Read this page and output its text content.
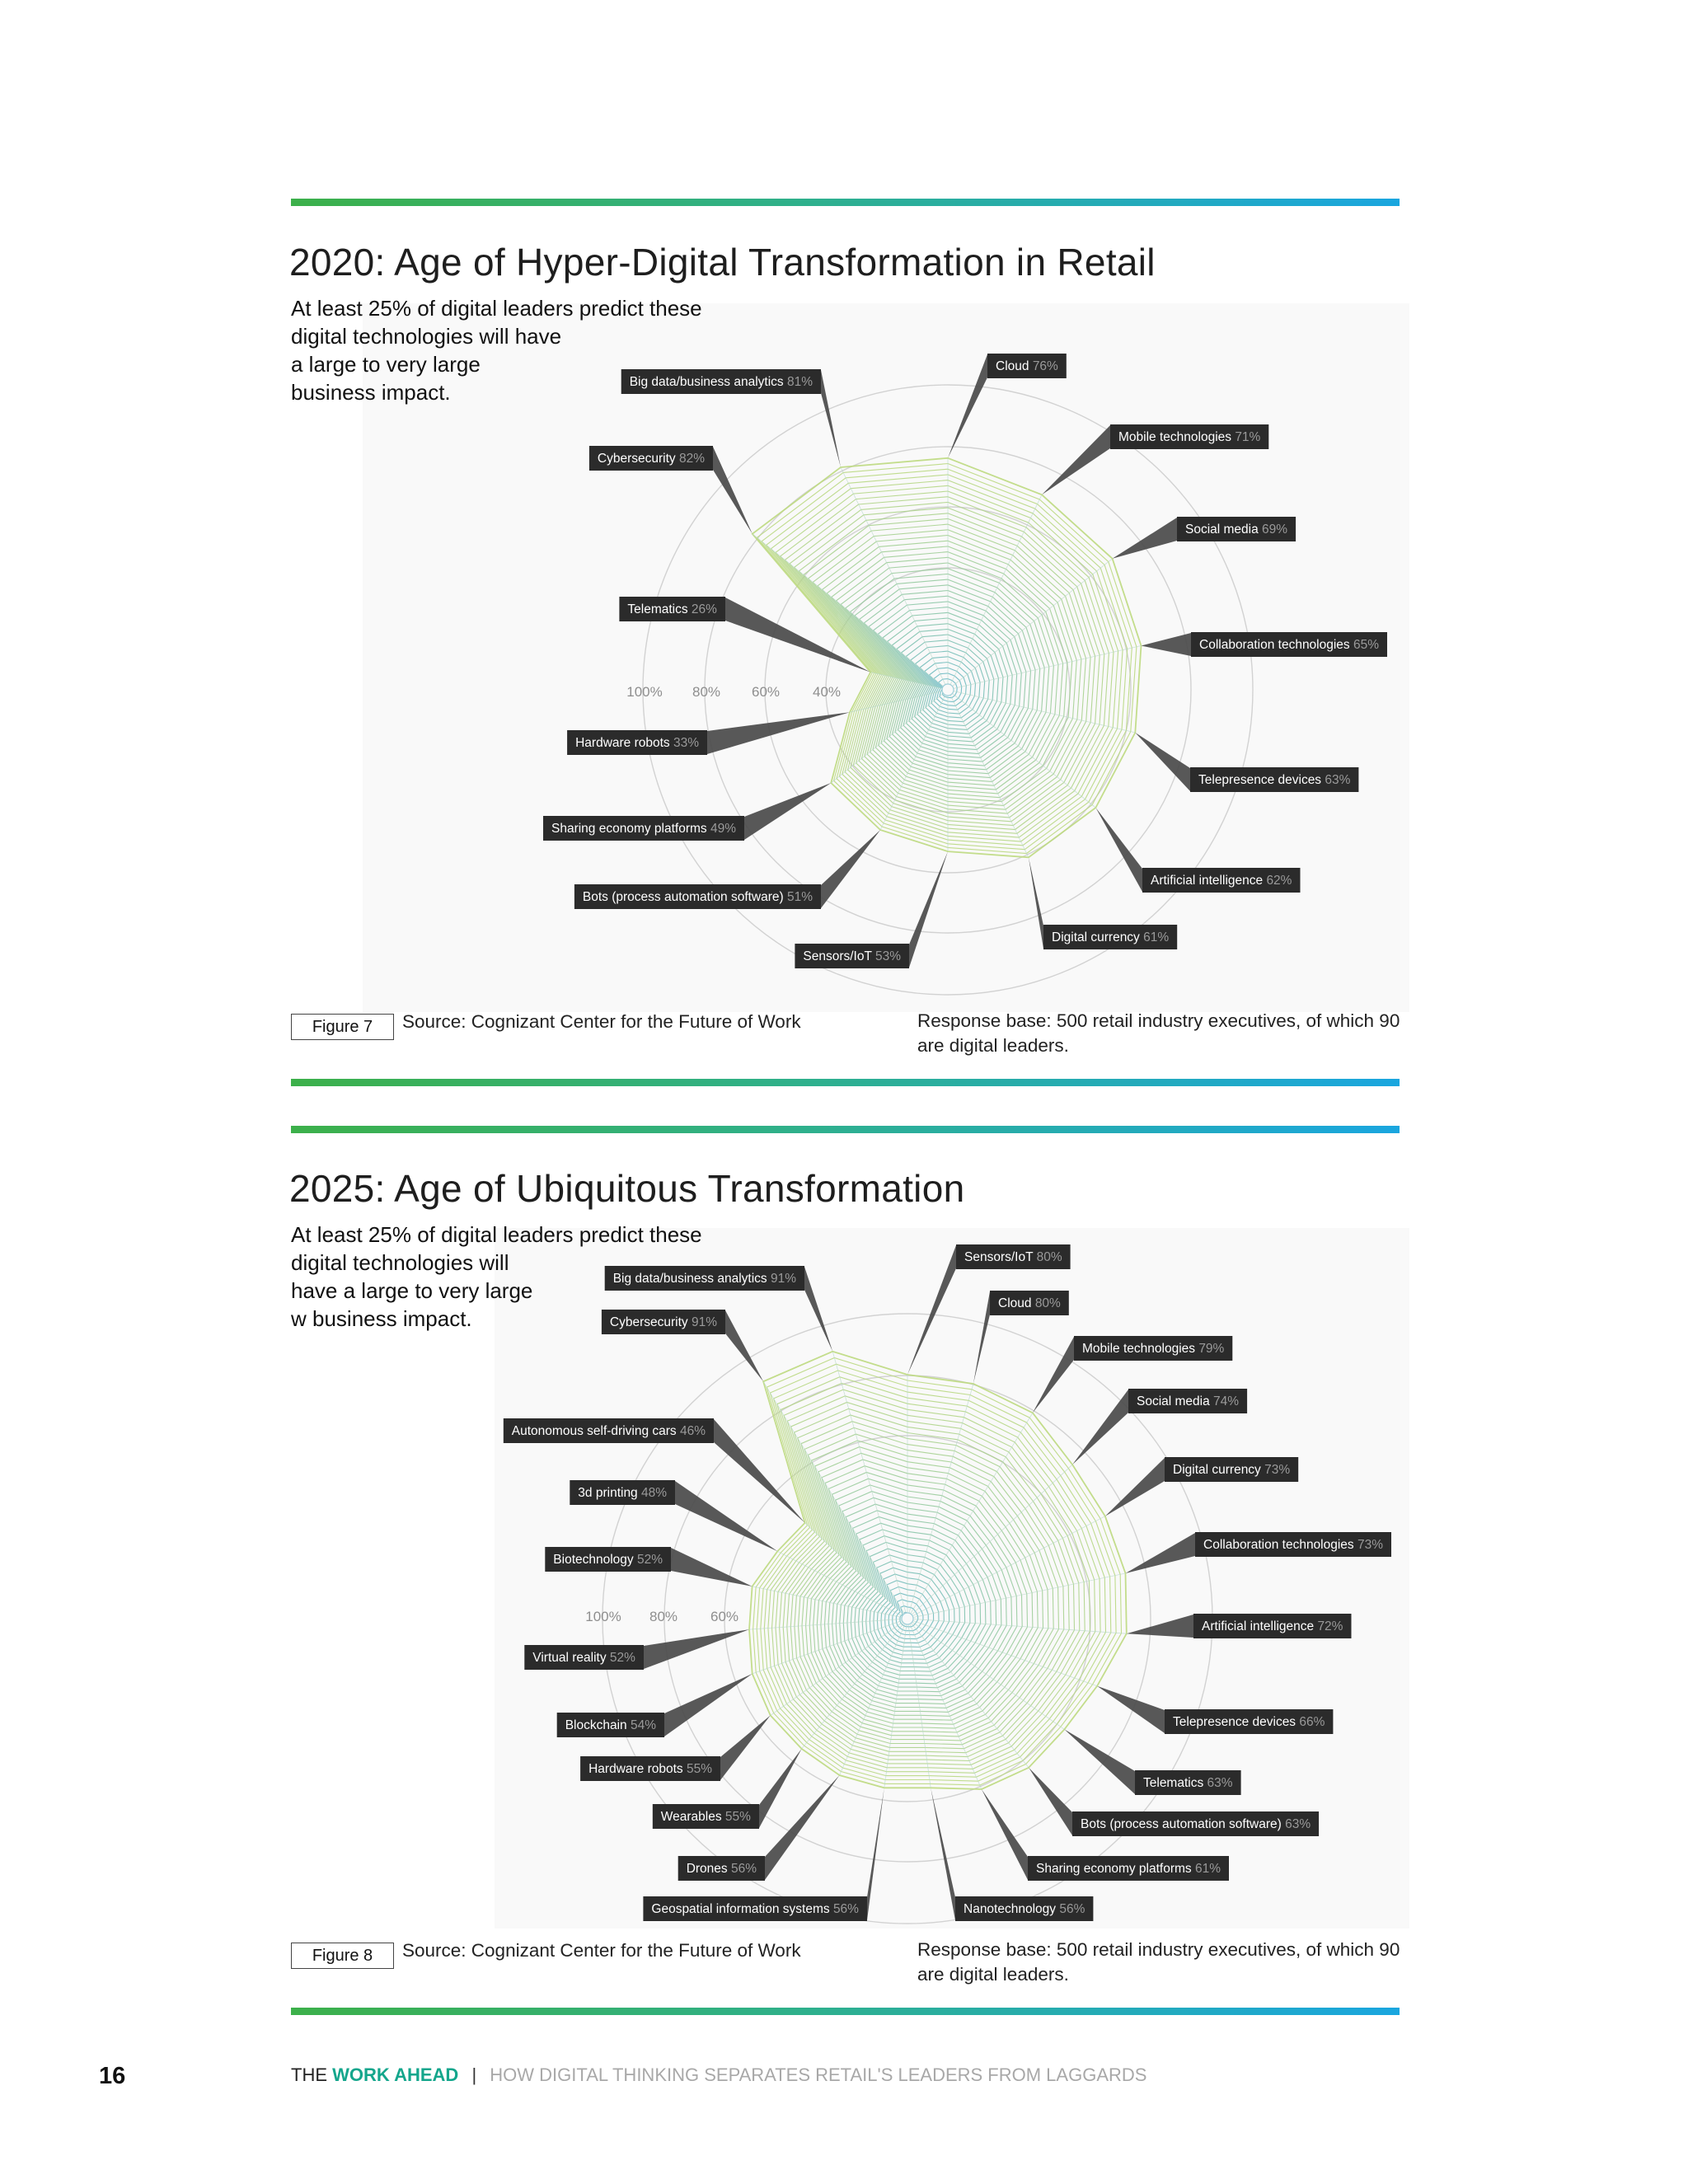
2020: Age of Hyper-Digital Transformation in Retail

At least 25% of digital leaders predict these
digital technologies will have
a large to very large
business impact.

100% 80% 60% 40%
Cloud 76%
Mobile technologies 71%
Social media 69%
Collaboration technologies 65%
Telepresence devices 63%
Artificial intelligence 62%
Digital currency 61%
Sensors/IoT 53%
Bots (process automation software) 51%
Sharing economy platforms 49%
Hardware robots 33%
Telematics 26%
Cybersecurity 82%
Big data/business analytics 81%
Figure 7	Source: Cognizant Center for the Future of Work	Response base: 500 retail industry executives, of which 90 are digital leaders.
2025: Age of Ubiquitous Transformation

At least 25% of digital leaders predict these
digital technologies will
have a large to very large
w business impact.

100% 80% 60%
Sensors/IoT 80%
Cloud 80%
Mobile technologies 79%
Social media 74%
Digital currency 73%
Collaboration technologies 73%
Artificial intelligence 72%
Telepresence devices 66%
Telematics 63%
Bots (process automation software) 63%
Sharing economy platforms 61%
Nanotechnology 56%
Geospatial information systems 56%
Drones 56%
Wearables 55%
Hardware robots 55%
Blockchain 54%
Virtual reality 52%
Biotechnology 52%
3d printing 48%
Autonomous self-driving cars 46%
Cybersecurity 91%
Big data/business analytics 91%
Figure 8	Source: Cognizant Center for the Future of Work	Response base: 500 retail industry executives, of which 90 are digital leaders.
16	THE WORK AHEAD | HOW DIGITAL THINKING SEPARATES RETAIL'S LEADERS FROM LAGGARDS
